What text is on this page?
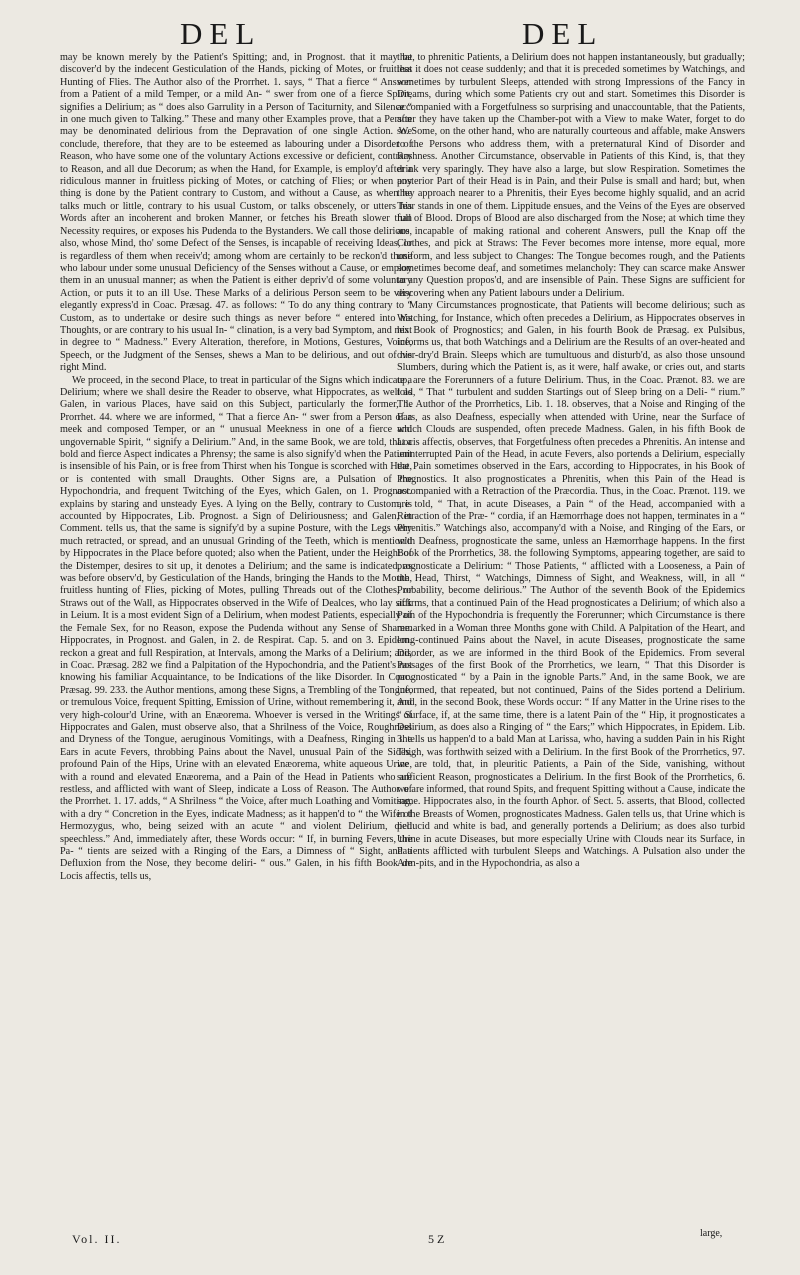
DEL	DEL

may be known merely by the Patient's Spitting; and, in Prognost. that it may be discover'd by the indecent Gesticulation of the Hands, picking of Motes, or fruitless Hunting of Flies. The Author also of the Prorrhet. 1. says, “ That a fierce “ Answer from a Patient of a mild Temper, or a mild An- “ swer from one of a fierce Spirit, signifies a Delirium; as “ does also Garrulity in a Person of Taciturnity, and Silence “ in one much given to Talking.” These and many other Examples prove, that a Person may be denominated delirious from the Depravation of one single Action. We conclude, therefore, that they are to be esteemed as labouring under a Disorder of Reason, who have some one of the voluntary Actions excessive or deficient, contrary to Reason, and all due Decorum; as when the Hand, for Example, is employ'd after a ridiculous manner in fruitless picking of Motes, or catching of Flies; or when any thing is done by the Patient contrary to Custom, and without a Cause, as when he talks much or little, contrary to his usual Custom, or talks obscenely, or utters his Words after an incoherent and broken Manner, or fetches his Breath slower than Necessity requires, or exposes his Pudenda to the Bystanders. We call those delirious, also, whose Mind, tho' some Defect of the Senses, is incapable of receiving Ideas, or is regardless of them when receiv'd; among whom are certainly to be reckon'd those who labour under some unusual Deficiency of the Senses without a Cause, or employ them in an unusual manner; as when the Patient is either depriv'd of some voluntary Action, or puts it to an ill Use. These Marks of a delirious Person seem to be very elegantly express'd in Coac. Præsag. 47. as follows: “ To do any thing contrary to “ Custom, as to undertake or desire such things as never before “ entered into his Thoughts, or are contrary to his usual In- “ clination, is a very bad Symptom, and next in degree to “ Madness.” Every Alteration, therefore, in Motions, Gestures, Voice, Speech, or the Judgment of the Senses, shews a Man to be delirious, and out of his right Mind.

We proceed, in the second Place, to treat in particular of the Signs which indicate a Delirium; where we shall desire the Reader to observe, what Hippocrates, as well as Galen, in various Places, have said on this Subject, particularly the former, 1. Prorrhet. 44. where we are informed, “ That a fierce An- “ swer from a Person of a meek and composed Temper, or an “ unusual Meekness in one of a fierce and ungovernable Spirit, “ signify a Delirium.” And, in the same Book, we are told, that a bold and fierce Aspect indicates a Phrensy; the same is also signify'd when the Patient is insensible of his Pain, or is free from Thirst when his Tongue is scorched with Heat, or is contented with small Draughts. Other Signs are, a Pulsation of the Hypochondria, and frequent Twitching of the Eyes, which Galen, on 1. Prognost. explains by staring and unsteady Eyes. A lying on the Belly, contrary to Custom, is accounted by Hippocrates, Lib. Prognost. a Sign of Deliriousness; and Galen, in Comment. tells us, that the same is signify'd by a supine Posture, with the Legs very much retracted, or spread, and an unusual Grinding of the Teeth, which is mention'd by Hippocrates in the Place before quoted; also when the Patient, under the Height of the Distemper, desires to sit up, it denotes a Delirium; and the same is indicated, as was before observ'd, by Gesticulation of the Hands, bringing the Hands to the Mouth, fruitless hunting of Flies, picking of Motes, pulling Threads out of the Clothes, or Straws out of the Wall, as Hippocrates observed in the Wife of Dealces, who lay sick in Leium. It is a most evident Sign of a Delirium, when modest Patients, especially of the Female Sex, for no Reason, expose the Pudenda without any Sense of Shame. Hippocrates, in Prognost. and Galen, in 2. de Respirat. Cap. 5. and on 3. Epidem. reckon a great and full Respiration, at Intervals, among the Marks of a Delirium; and, in Coac. Præsag. 282 we find a Palpitation of the Hypochondria, and the Patient's not knowing his familiar Acquaintance, to be Indications of the like Disorder. In Coac. Præsag. 99. 233. the Author mentions, among these Signs, a Trembling of the Tongue, or tremulous Voice, frequent Spitting, Emission of Urine, without remembering it, and very high-colour'd Urine, with an Enæorema. Whoever is versed in the Writings of Hippocrates and Galen, must observe also, that a Shrilness of the Voice, Roughness and Dryness of the Tongue, aeruginous Vomitings, with a Deafness, Ringing in the Ears in acute Fevers, throbbing Pains about the Navel, unusual Pain of the Sides, profound Pain of the Hips, Urine with an elevated Enæorema, white aqueous Urine, with a round and elevated Enæorema, and a Pain of the Head in Patients who are restless, and afflicted with want of Sleep, indicate a Loss of Reason. The Author of the Prorrhet. 1. 17. adds, “ A Shrilness “ the Voice, after much Loathing and Vomiting, with a dry “ Concretion in the Eyes, indicate Madness; as it happen'd to “ the Wife of Hermozygus, who, being seized with an acute “ and violent Delirium, died speechless.” And, immediately after, these Words occur: “ If, in burning Fevers, the Pa- “ tients are seized with a Ringing of the Ears, a Dimness of “ Sight, and a Defluxion from the Nose, they become deliri- “ ous.” Galen, in his fifth Book de Locis affectis, tells us,

that, to phrenitic Patients, a Delirium does not happen instantaneously, but gradually; that it does not cease suddenly; and that it is preceded sometimes by Watchings, and sometimes by turbulent Sleeps, attended with strong Impressions of the Fancy in Dreams, during which some Patients cry out and start. Sometimes this Disorder is accompanied with a Forgetfulness so surprising and unaccountable, that the Patients, after they have taken up the Chamber-pot with a View to make Water, forget to do so. Some, on the other hand, who are naturally courteous and affable, make Answers to the Persons who address them, with a preternatural Kind of Disorder and Rashness. Another Circumstance, observable in Patients of this Kind, is, that they drink very sparingly. They have also a large, but slow Respiration. Sometimes the posterior Part of their Head is in Pain, and their Pulse is small and hard; but, when they approach nearer to a Phrenitis, their Eyes become highly squalid, and an acrid Tear stands in one of them. Lippitude ensues, and the Veins of the Eyes are observed full of Blood. Drops of Blood are also discharged from the Nose; at which time they are incapable of making rational and coherent Answers, pull the Knap off the Clothes, and pick at Straws: The Fever becomes more intense, more equal, more uniform, and less subject to Changes: The Tongue becomes rough, and the Patients sometimes become deaf, and sometimes melancholy: They can scarce make Answer to any Question propos'd, and are insensible of Pain. These Signs are sufficient for discovering when any Patient labours under a Delirium.

Many Circumstances prognosticate, that Patients will become delirious; such as Watching, for Instance, which often precedes a Delirium, as Hippocrates observes in his Book of Prognostics; and Galen, in his fourth Book de Præsag. ex Pulsibus, informs us, that both Watchings and a Delirium are the Results of an over-heated and over-dry'd Brain. Sleeps which are tumultuous and disturb'd, as also those unsound Slumbers, during which the Patient is, as it were, half awake, or cries out, and starts up, are the Forerunners of a future Delirium. Thus, in the Coac. Prænot. 83. we are told, “ That “ turbulent and sudden Startings out of Sleep bring on a Deli- “ rium.” The Author of the Prorrhetics, Lib. 1. 18. observes, that a Noise and Ringing of the Ears, as also Deafness, especially when attended with Urine, near the Surface of which Clouds are suspended, often precede Madness. Galen, in his fifth Book de Locis affectis, observes, that Forgetfulness often precedes a Phrenitis. An intense and uninterrupted Pain of the Head, in acute Fevers, also portends a Delirium, especially the Pain sometimes observed in the Ears, according to Hippocrates, in his Book of Prognostics. It also prognosticates a Phrenitis, when this Pain of the Head is accompanied with a Retraction of the Præcordia. Thus, in the Coac. Prænot. 119. we are told, “ That, in acute Diseases, a Pain “ of the Head, accompanied with a Retraction of the Præ- “ cordia, if an Hæmorrhage does not happen, terminates in a “ Phrenitis.” Watchings also, accompany'd with a Noise, and Ringing of the Ears, or with Deafness, prognosticate the same, unless an Hæmorrhage happens. In the first Book of the Prorrhetics, 38. the following Symptoms, appearing together, are said to prognosticate a Delirium: “ Those Patients, “ afflicted with a Looseness, a Pain of the Head, Thirst, “ Watchings, Dimness of Sight, and Weakness, will, in all “ Probability, become delirious.” The Author of the seventh Book of the Epidemics affirms, that a continued Pain of the Head prognosticates a Delirium; of which also a Pain of the Hypochondria is frequently the Forerunner; which Circumstance is there remarked in a Woman three Months gone with Child. A Palpitation of the Heart, and long-continued Pains about the Navel, in acute Diseases, prognosticate the same Disorder, as we are informed in the third Book of the Epidemics. From several Passages of the first Book of the Prorrhetics, we learn, “ That this Disorder is prognosticated “ by a Pain in the ignoble Parts.” And, in the same Book, we are informed, that repeated, but not continued, Pains of the Sides portend a Delirium. And, in the second Book, these Words occur: “ If any Matter in the Urine rises to the “ Surface, if, at the same time, there is a latent Pain of the “ Hip, it prognosticates a Delirium, as does also a Ringing of “ the Ears;” which Hippocrates, in Epidem. Lib. 3. tells us happen'd to a bald Man at Larissa, who, having a sudden Pain in his Right Thigh, was forthwith seized with a Delirium. In the first Book of the Prorrhetics, 97. we are told, that, in pleuritic Patients, a Pain of the Side, vanishing, without sufficient Reason, prognosticates a Delirium. In the first Book of the Prorrhetics, 6. we are informed, that round Spits, and frequent Spitting without a Cause, indicate the same. Hippocrates also, in the fourth Aphor. of Sect. 5. asserts, that Blood, collected in the Breasts of Women, prognosticates Madness. Galen tells us, that Urine which is pellucid and white is bad, and generally portends a Delirium; as does also turbid Urine in acute Diseases, but more especially Urine with Clouds near its Surface, in Patients afflicted with turbulent Sleeps and Watchings. A Pulsation also under the Arm-pits, and in the Hypochondria, as also a

Vol. II.	5 Z	large,
